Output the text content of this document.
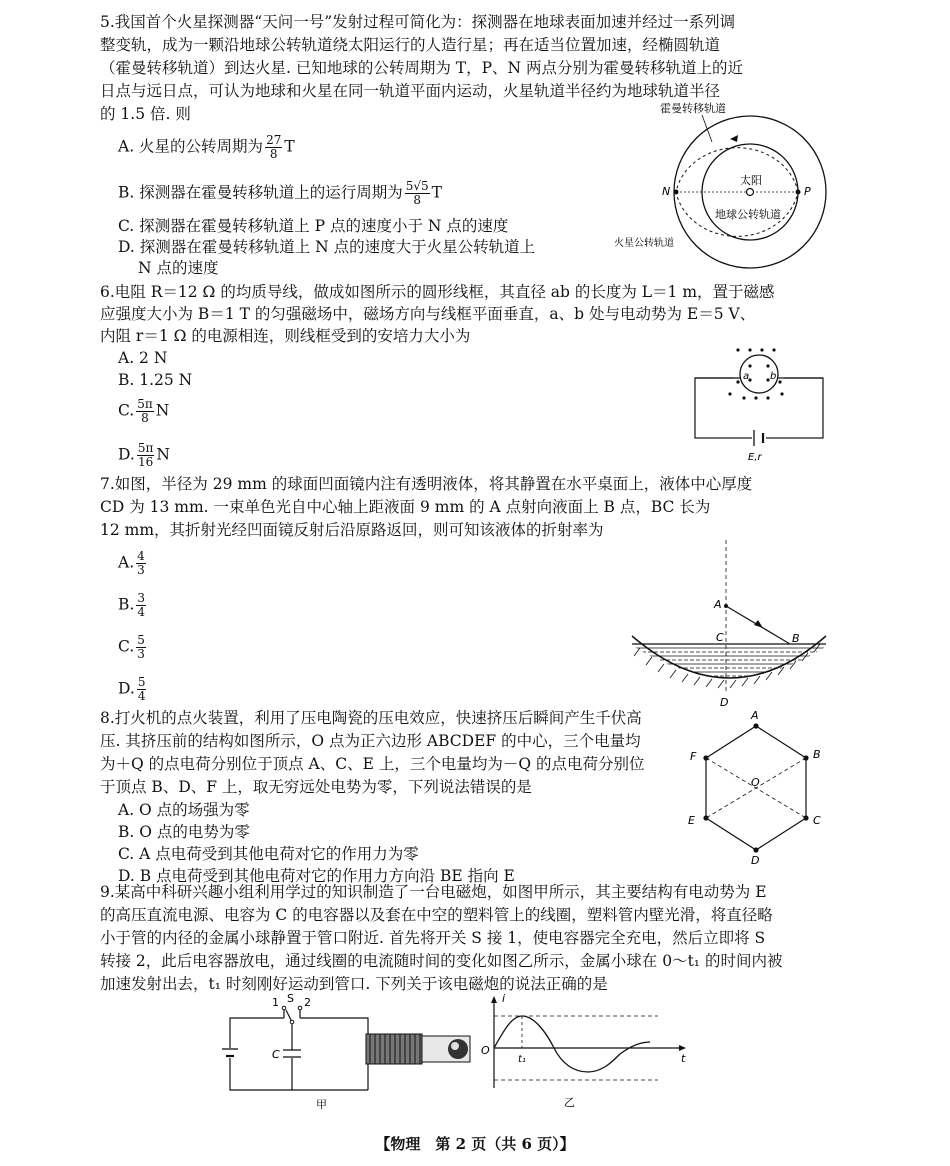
5.我国首个火星探测器“天问一号”发射过程可简化为：探测器在地球表面加速并经过一系列调
整变轨，成为一颗沿地球公转轨道绕太阳运行的人造行星；再在适当位置加速，经椭圆轨道
（霍曼转移轨道）到达火星. 已知地球的公转周期为 T，P、N 两点分别为霍曼转移轨道上的近
日点与远日点，可认为地球和火星在同一轨道平面内运动，火星轨道半径约为地球轨道半径
的 1.5 倍. 则
A. 火星的公转周期为 $\frac{27}{8}$ T
B. 探测器在霍曼转移轨道上的运行周期为 $\frac{5√5}{8}$ T
C. 探测器在霍曼转移轨道上 P 点的速度小于 N 点的速度
D. 探测器在霍曼转移轨道上 N 点的速度大于火星公转轨道上
N 点的速度
霍曼转移轨道
太阳
地球公转轨道
火星公转轨道
N	P
6.电阻 R＝12 Ω 的均质导线，做成如图所示的圆形线框，其直径 ab 的长度为 L＝1 m，置于磁感
应强度大小为 B＝1 T 的匀强磁场中，磁场方向与线框平面垂直，a、b 处与电动势为 E＝5 V、
内阻 r＝1 Ω 的电源相连，则线框受到的安培力大小为
A. 2 N
B. 1.25 N
C. $\frac{5\pi}{8}$ N
D. $\frac{5\pi}{16}$ N
a b
E,r
7.如图，半径为 29 mm 的球面凹面镜内注有透明液体，将其静置在水平桌面上，液体中心厚度
CD 为 13 mm. 一束单色光自中心轴上距液面 9 mm 的 A 点射向液面上 B 点，BC 长为
12 mm，其折射光经凹面镜反射后沿原路返回，则可知该液体的折射率为
A. $\frac{4}{3}$
B. $\frac{3}{4}$
C. $\frac{5}{3}$
D. $\frac{5}{4}$
A
B
C
D
8.打火机的点火装置，利用了压电陶瓷的压电效应，快速挤压后瞬间产生千伏高
压. 其挤压前的结构如图所示，O 点为正六边形 ABCDEF 的中心，三个电量均
为＋Q 的点电荷分别位于顶点 A、C、E 上，三个电量均为－Q 的点电荷分别位
于顶点 B、D、F 上，取无穷远处电势为零，下列说法错误的是
A. O 点的场强为零
B. O 点的电势为零
C. A 点电荷受到其他电荷对它的作用力为零
D. B 点电荷受到其他电荷对它的作用力方向沿 BE 指向 E
A
B
C
D
E
F
O
9.某高中科研兴趣小组利用学过的知识制造了一台电磁炮，如图甲所示，其主要结构有电动势为 E
的高压直流电源、电容为 C 的电容器以及套在中空的塑料管上的线圈，塑料管内壁光滑，将直径略
小于管的内径的金属小球静置于管口附近. 首先将开关 S 接 1，使电容器完全充电，然后立即将 S
转接 2，此后电容器放电，通过线圈的电流随时间的变化如图乙所示，金属小球在 0～t₁ 的时间内被
加速发射出去，t₁ 时刻刚好运动到管口. 下列关于该电磁炮的说法正确的是
1 S 2
C
甲
i
t
O
t₁
乙
【物理　第 2 页（共 6 页）】
